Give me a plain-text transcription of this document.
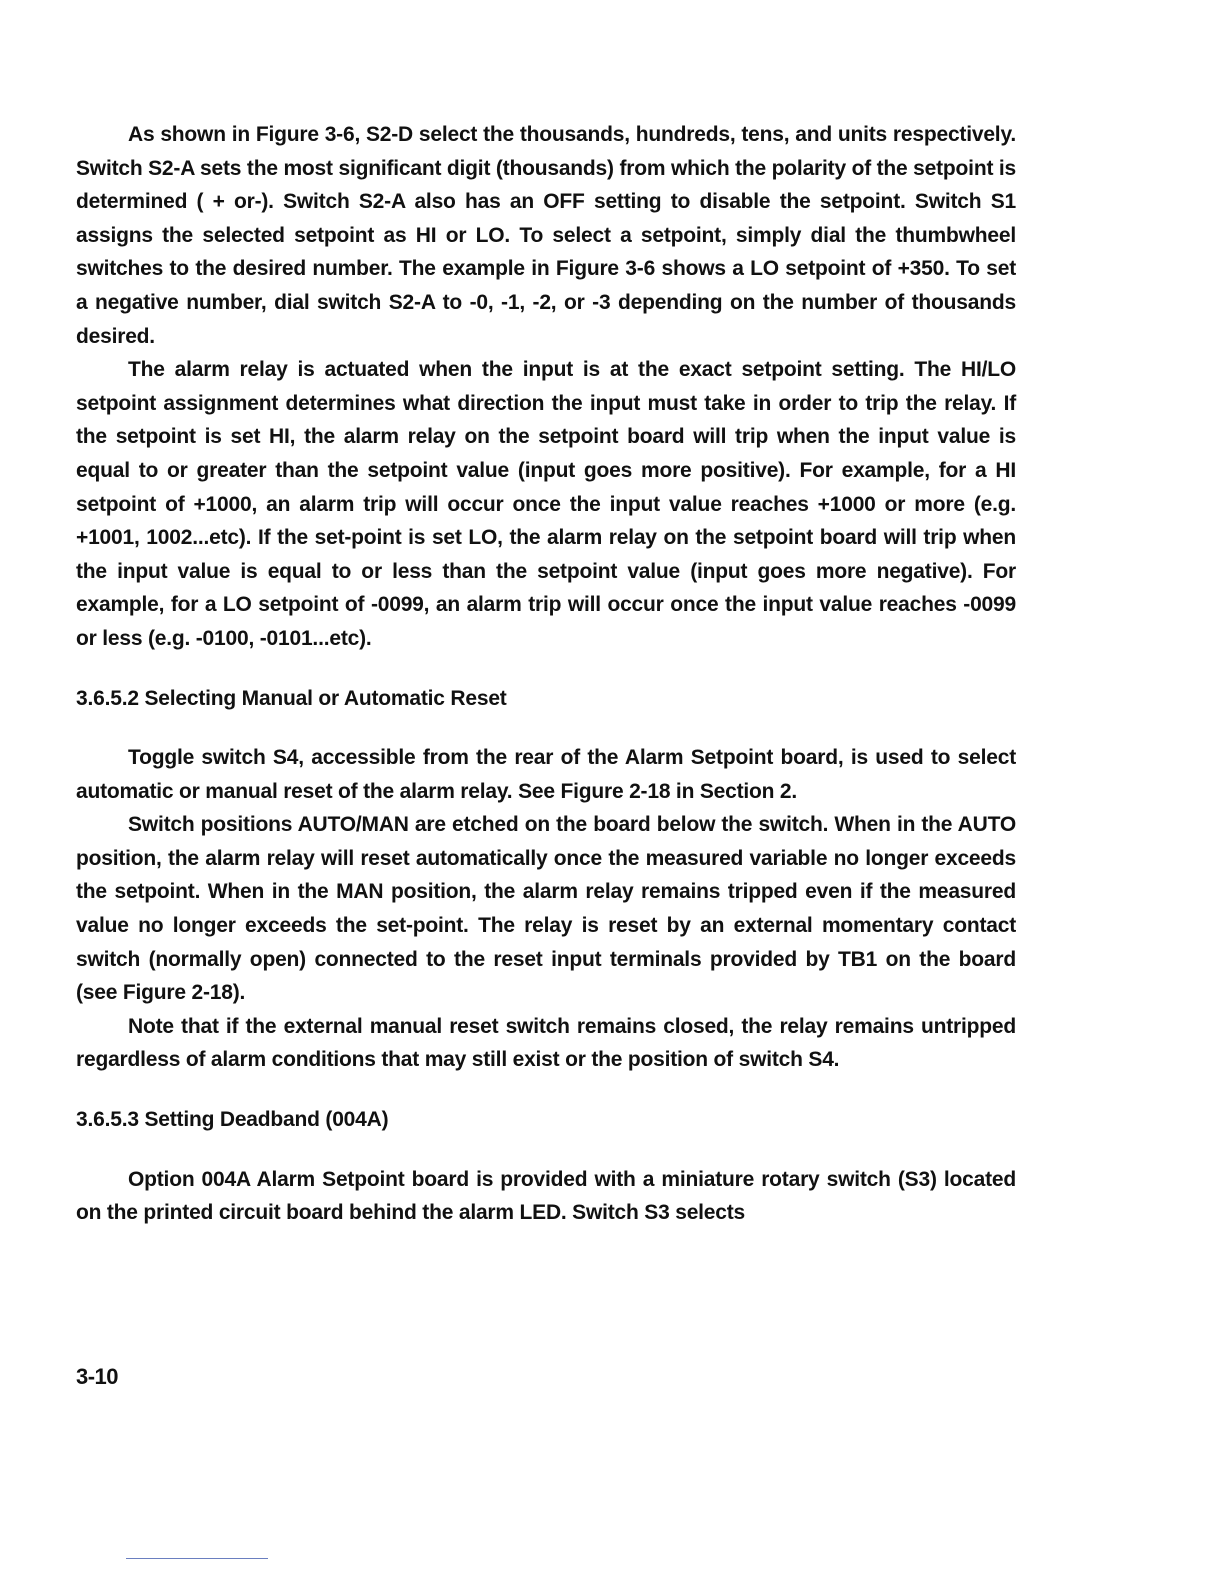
As shown in Figure 3-6, S2-D select the thousands, hundreds, tens, and units respectively. Switch S2-A sets the most significant digit (thousands) from which the polarity of the setpoint is determined ( + or-). Switch S2-A also has an OFF setting to disable the setpoint. Switch S1 assigns the selected setpoint as HI or LO. To select a setpoint, simply dial the thumbwheel switches to the desired number. The example in Figure 3-6 shows a LO setpoint of +350. To set a negative number, dial switch S2-A to -0, -1, -2, or -3 depending on the number of thousands desired.

The alarm relay is actuated when the input is at the exact setpoint setting. The HI/LO setpoint assignment determines what direction the input must take in order to trip the relay. If the setpoint is set HI, the alarm relay on the setpoint board will trip when the input value is equal to or greater than the setpoint value (input goes more positive). For example, for a HI setpoint of +1000, an alarm trip will occur once the input value reaches +1000 or more (e.g. +1001, 1002...etc). If the set-point is set LO, the alarm relay on the setpoint board will trip when the input value is equal to or less than the setpoint value (input goes more negative). For example, for a LO setpoint of -0099, an alarm trip will occur once the input value reaches -0099 or less (e.g. -0100, -0101...etc).

3.6.5.2 Selecting Manual or Automatic Reset

Toggle switch S4, accessible from the rear of the Alarm Setpoint board, is used to select automatic or manual reset of the alarm relay. See Figure 2-18 in Section 2.

Switch positions AUTO/MAN are etched on the board below the switch. When in the AUTO position, the alarm relay will reset automatically once the measured variable no longer exceeds the setpoint. When in the MAN position, the alarm relay remains tripped even if the measured value no longer exceeds the set-point. The relay is reset by an external momentary contact switch (normally open) connected to the reset input terminals provided by TB1 on the board (see Figure 2-18).

Note that if the external manual reset switch remains closed, the relay remains untripped regardless of alarm conditions that may still exist or the position of switch S4.

3.6.5.3 Setting Deadband (004A)

Option 004A Alarm Setpoint board is provided with a miniature rotary switch (S3) located on the printed circuit board behind the alarm LED. Switch S3 selects

3-10
